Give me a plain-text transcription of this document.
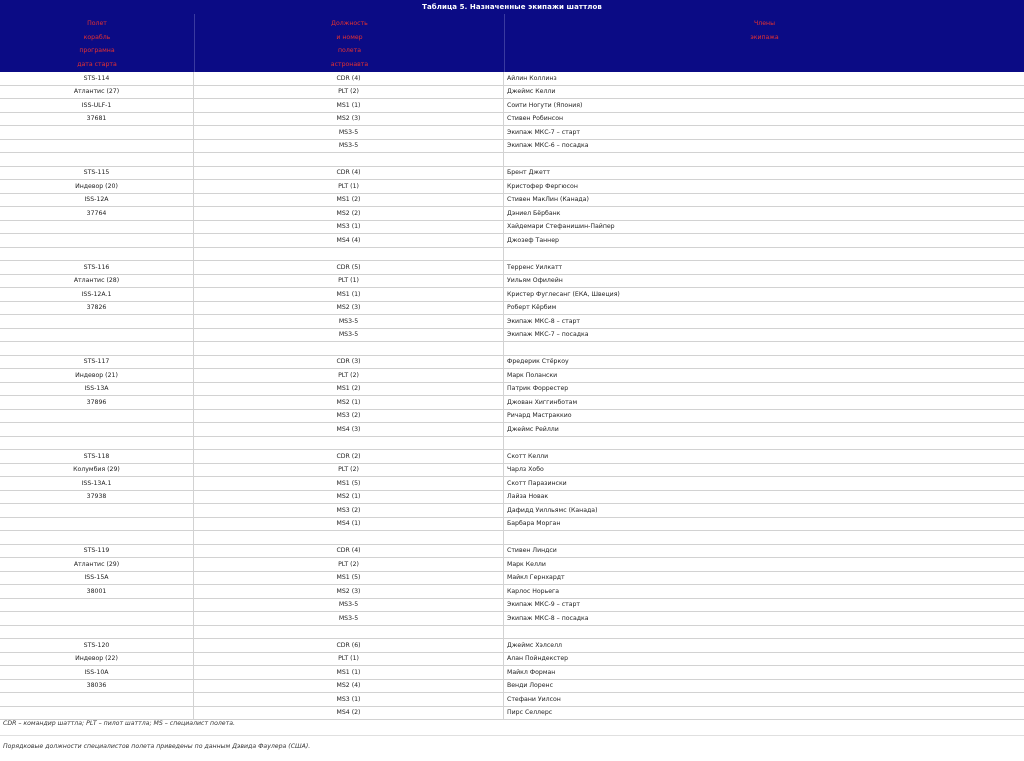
Таблица 5. Назначенные экипажи шаттлов
Полет
корабль
програмна
дата старта
Должность
и номер
полета
астронавта
Члены
экипажа
STS-114	CDR (4)	Айлин Коллинз
Атлантис (27)	PLT (2)	Джеймс Келли
ISS-ULF-1	MS1 (1)	Соити Ногути (Япония)
37681	MS2 (3)	Стивен Робинсон
	MS3-5	Экипаж МКС-7 – старт
	MS3-5	Экипаж МКС-6 – посадка

STS-115	CDR (4)	Брент Джетт
Индевор (20)	PLT (1)	Кристофер Фергюсон
ISS-12A	MS1 (2)	Стивен МакЛин (Канада)
37764	MS2 (2)	Дэниел Бёрбанк
	MS3 (1)	Хайдемари Стефанишин-Пайпер
	MS4 (4)	Джозеф Таннер

STS-116	CDR (5)	Терренс Уилкатт
Атлантис (28)	PLT (1)	Уильям Офилейн
ISS-12A.1	MS1 (1)	Кристер Фуглесанг (ЕКА, Швеция)
37826	MS2 (3)	Роберт Кёрбим
	MS3-5	Экипаж МКС-8 – старт
	MS3-5	Экипаж МКС-7 – посадка

STS-117	CDR (3)	Фредерик Стёркоу
Индевор (21)	PLT (2)	Марк Полански
ISS-13A	MS1 (2)	Патрик Форрестер
37896	MS2 (1)	Джован Хиггинботам
	MS3 (2)	Ричард Мастраккио
	MS4 (3)	Джеймс Рейлли

STS-118	CDR (2)	Скотт Келли
Колумбия (29)	PLT (2)	Чарлз Хобо
ISS-13A.1	MS1 (5)	Скотт Паразински
37938	MS2 (1)	Лайза Новак
	MS3 (2)	Дафидд Уилльямс (Канада)
	MS4 (1)	Барбара Морган

STS-119	CDR (4)	Стивен Линдси
Атлантис (29)	PLT (2)	Марк Келли
ISS-15A	MS1 (5)	Майкл Гернхардт
38001	MS2 (3)	Карлос Норьега
	MS3-5	Экипаж МКС-9 – старт
	MS3-5	Экипаж МКС-8 – посадка

STS-120	CDR (6)	Джеймс Хэлселл
Индевор (22)	PLT (1)	Алан Пойндекстер
ISS-10A	MS1 (1)	Майкл Форман
38036	MS2 (4)	Венди Лоренс
	MS3 (1)	Стефани Уилсон
	MS4 (2)	Пирс Селлерс
CDR – командир шаттла; PLT – пилот шаттла; MS – специалист полета.
Порядковые должности специалистов полета приведены по данным Дэвида Фаулера (США).
